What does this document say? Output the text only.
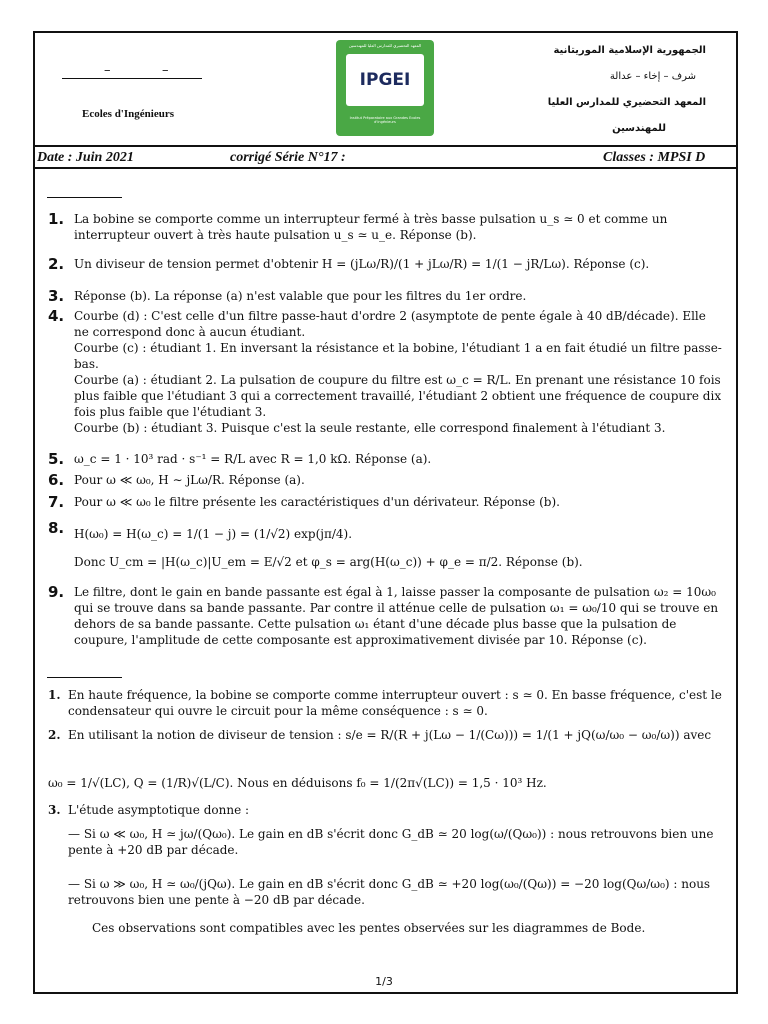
–	–
Ecoles d'Ingénieurs
المعهد التحضيري للمدارس العليا للمهندسين
IPGEI
Institut Préparatoire aux Grandes Ecoles d'Ingénieurs
الجمهورية الإسلامية الموريتانية
شرف – إخاء – عدالة
المعهد التحضيري للمدارس العليا
للمهندسين
Date : Juin 2021	corrigé Série N°17 :	Classes : MPSI D
1. La bobine se comporte comme un interrupteur fermé à très basse pulsation u_s ≃ 0 et comme un interrupteur ouvert à très haute pulsation u_s ≃ u_e. Réponse (b).
2. Un diviseur de tension permet d'obtenir H = (jLω/R)/(1 + jLω/R) = 1/(1 − jR/Lω). Réponse (c).
3. Réponse (b). La réponse (a) n'est valable que pour les filtres du 1er ordre.
4. Courbe (d) : C'est celle d'un filtre passe-haut d'ordre 2 (asymptote de pente égale à 40 dB/décade). Elle ne correspond donc à aucun étudiant.
Courbe (c) : étudiant 1. En inversant la résistance et la bobine, l'étudiant 1 a en fait étudié un filtre passe-bas.
Courbe (a) : étudiant 2. La pulsation de coupure du filtre est ω_c = R/L. En prenant une résistance 10 fois plus faible que l'étudiant 3 qui a correctement travaillé, l'étudiant 2 obtient une fréquence de coupure dix fois plus faible que l'étudiant 3.
Courbe (b) : étudiant 3. Puisque c'est la seule restante, elle correspond finalement à l'étudiant 3.
5. ω_c = 1 · 10³ rad · s⁻¹ = R/L avec R = 1,0 kΩ. Réponse (a).
6. Pour ω ≪ ω₀, H ∼ jLω/R. Réponse (a).
7. Pour ω ≪ ω₀ le filtre présente les caractéristiques d'un dérivateur. Réponse (b).
8. H(ω₀) = H(ω_c) = 1/(1 − j) = (1/√2) exp(jπ/4).
Donc U_cm = |H(ω_c)|U_em = E/√2 et φ_s = arg(H(ω_c)) + φ_e = π/2. Réponse (b).
9. Le filtre, dont le gain en bande passante est égal à 1, laisse passer la composante de pulsation ω₂ = 10ω₀ qui se trouve dans sa bande passante. Par contre il atténue celle de pulsation ω₁ = ω₀/10 qui se trouve en dehors de sa bande passante. Cette pulsation ω₁ étant d'une décade plus basse que la pulsation de coupure, l'amplitude de cette composante est approximativement divisée par 10. Réponse (c).
1. En haute fréquence, la bobine se comporte comme interrupteur ouvert : s ≃ 0. En basse fréquence, c'est le condensateur qui ouvre le circuit pour la même conséquence : s ≃ 0.
2. En utilisant la notion de diviseur de tension : s/e = R/(R + j(Lω − 1/(Cω))) = 1/(1 + jQ(ω/ω₀ − ω₀/ω)) avec
ω₀ = 1/√(LC), Q = (1/R)√(L/C). Nous en déduisons f₀ = 1/(2π√(LC)) = 1,5 · 10³ Hz.
3. L'étude asymptotique donne :
— Si ω ≪ ω₀, H ≃ jω/(Qω₀). Le gain en dB s'écrit donc G_dB ≃ 20 log(ω/(Qω₀)) : nous retrouvons bien une pente à +20 dB par décade.
— Si ω ≫ ω₀, H ≃ ω₀/(jQω). Le gain en dB s'écrit donc G_dB ≃ +20 log(ω₀/(Qω)) = −20 log(Qω/ω₀) : nous retrouvons bien une pente à −20 dB par décade.
Ces observations sont compatibles avec les pentes observées sur les diagrammes de Bode.
1/3
